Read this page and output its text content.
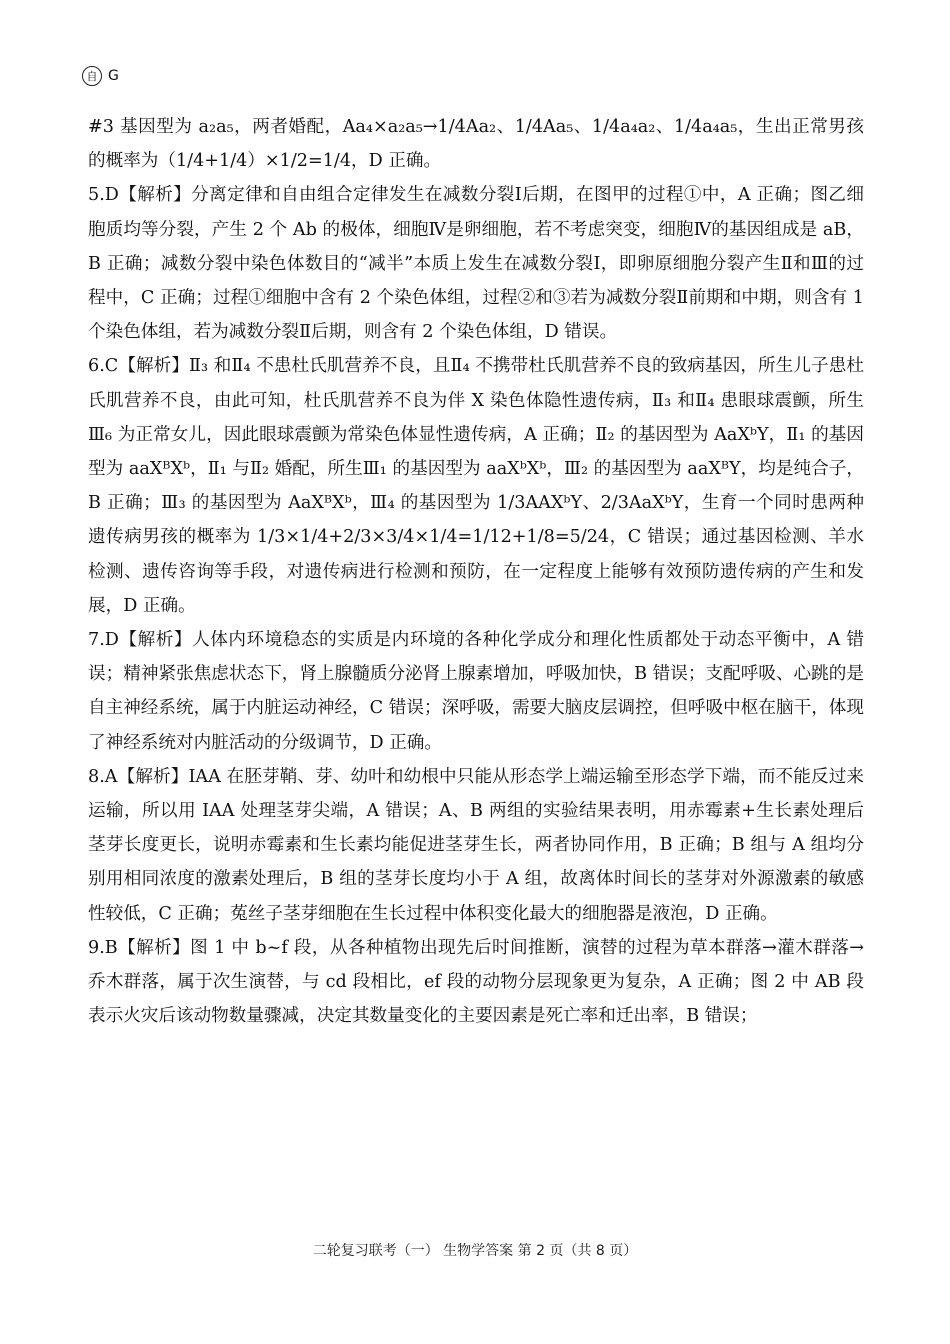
自 G

#3 基因型为 a₂a₅，两者婚配，Aa₄×a₂a₅→1/4Aa₂、1/4Aa₅、1/4a₄a₂、1/4a₄a₅，生出正常男孩的概率为（1/4+1/4）×1/2=1/4，D 正确。

5.D【解析】分离定律和自由组合定律发生在减数分裂Ⅰ后期，在图甲的过程①中，A 正确；图乙细胞质均等分裂，产生 2 个 Ab 的极体，细胞Ⅳ是卵细胞，若不考虑突变，细胞Ⅳ的基因组成是 aB，B 正确；减数分裂中染色体数目的“减半”本质上发生在减数分裂Ⅰ，即卵原细胞分裂产生Ⅱ和Ⅲ的过程中，C 正确；过程①细胞中含有 2 个染色体组，过程②和③若为减数分裂Ⅱ前期和中期，则含有 1 个染色体组，若为减数分裂Ⅱ后期，则含有 2 个染色体组，D 错误。

6.C【解析】Ⅱ₃ 和Ⅱ₄ 不患杜氏肌营养不良，且Ⅱ₄ 不携带杜氏肌营养不良的致病基因，所生儿子患杜氏肌营养不良，由此可知，杜氏肌营养不良为伴 X 染色体隐性遗传病，Ⅱ₃ 和Ⅱ₄ 患眼球震颤，所生Ⅲ₆ 为正常女儿，因此眼球震颤为常染色体显性遗传病，A 正确；Ⅱ₂ 的基因型为 AaXᵇY，Ⅱ₁ 的基因型为 aaXᴮXᵇ，Ⅱ₁ 与Ⅱ₂ 婚配，所生Ⅲ₁ 的基因型为 aaXᵇXᵇ，Ⅲ₂ 的基因型为 aaXᴮY，均是纯合子，B 正确；Ⅲ₃ 的基因型为 AaXᴮXᵇ，Ⅲ₄ 的基因型为 1/3AAXᵇY、2/3AaXᵇY，生育一个同时患两种遗传病男孩的概率为 1/3×1/4+2/3×3/4×1/4=1/12+1/8=5/24，C 错误；通过基因检测、羊水检测、遗传咨询等手段，对遗传病进行检测和预防，在一定程度上能够有效预防遗传病的产生和发展，D 正确。

7.D【解析】人体内环境稳态的实质是内环境的各种化学成分和理化性质都处于动态平衡中，A 错误；精神紧张焦虑状态下，肾上腺髓质分泌肾上腺素增加，呼吸加快，B 错误；支配呼吸、心跳的是自主神经系统，属于内脏运动神经，C 错误；深呼吸，需要大脑皮层调控，但呼吸中枢在脑干，体现了神经系统对内脏活动的分级调节，D 正确。

8.A【解析】IAA 在胚芽鞘、芽、幼叶和幼根中只能从形态学上端运输至形态学下端，而不能反过来运输，所以用 IAA 处理茎芽尖端，A 错误；A、B 两组的实验结果表明，用赤霉素+生长素处理后茎芽长度更长，说明赤霉素和生长素均能促进茎芽生长，两者协同作用，B 正确；B 组与 A 组均分别用相同浓度的激素处理后，B 组的茎芽长度均小于 A 组，故离体时间长的茎芽对外源激素的敏感性较低，C 正确；菟丝子茎芽细胞在生长过程中体积变化最大的细胞器是液泡，D 正确。

9.B【解析】图 1 中 b~f 段，从各种植物出现先后时间推断，演替的过程为草本群落→灌木群落→乔木群落，属于次生演替，与 cd 段相比，ef 段的动物分层现象更为复杂，A 正确；图 2 中 AB 段表示火灾后该动物数量骤减，决定其数量变化的主要因素是死亡率和迁出率，B 错误；

二轮复习联考（一） 生物学答案 第 2 页（共 8 页）
